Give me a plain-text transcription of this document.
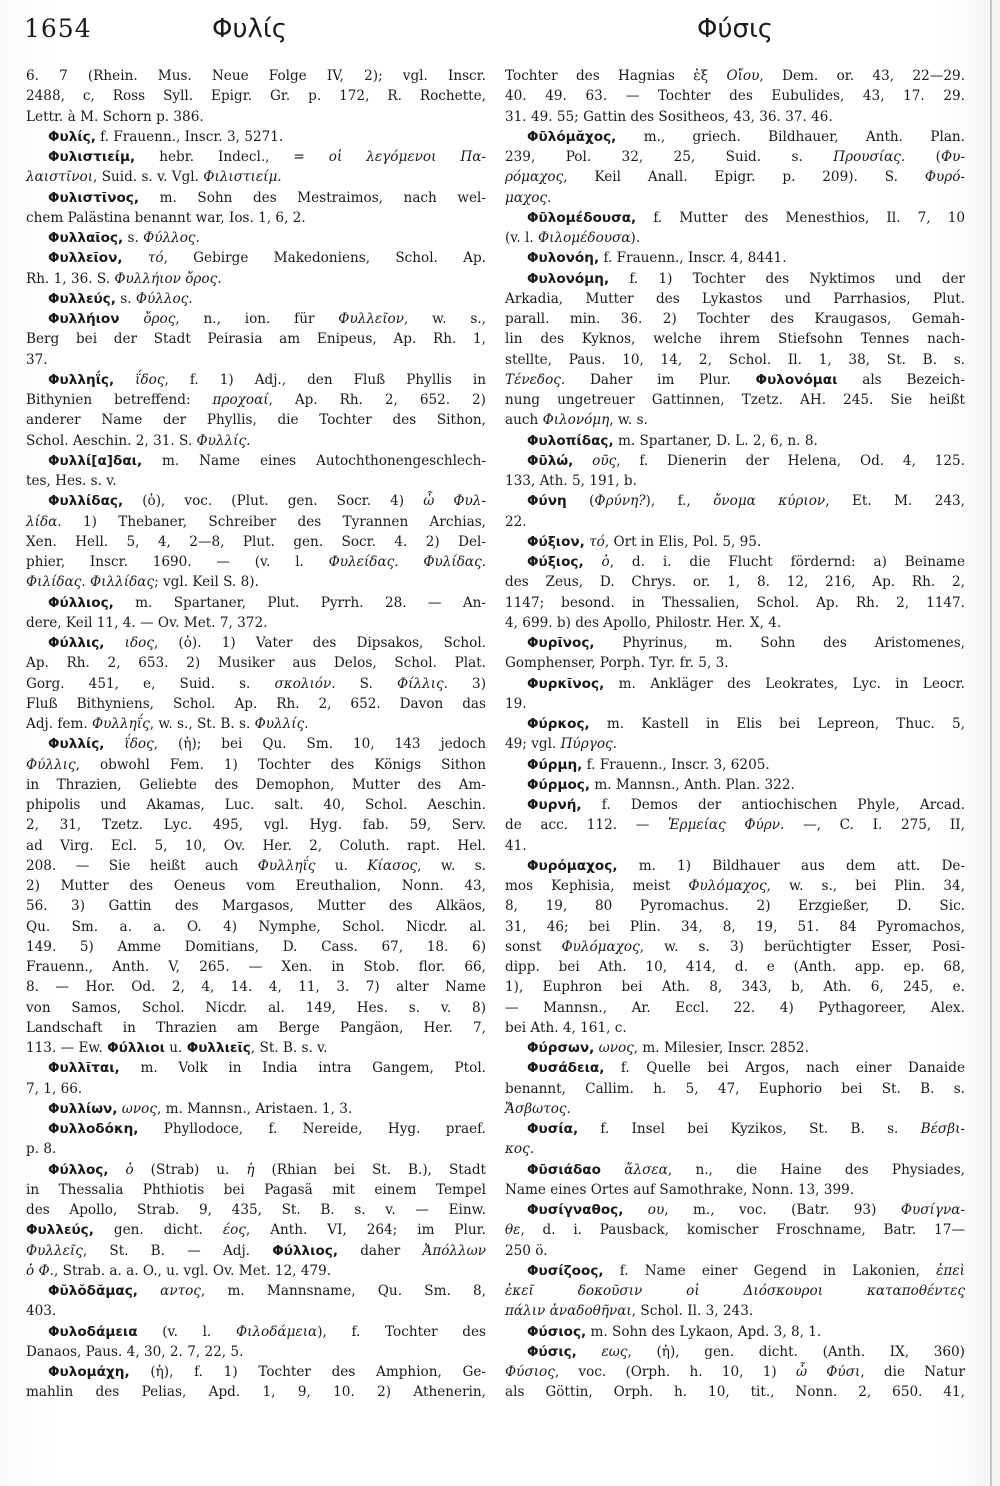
1654	Φυλίς	Φύσις
6. 7 (Rhein. Mus. Neue Folge IV, 2); vgl. Inscr.
2488, c, Ross Syll. Epigr. Gr. p. 172, R. Rochette,
Lettr. à M. Schorn p. 386.
Φυλίς, f. Frauenn., Inscr. 3, 5271.
Φυλιστιείμ, hebr. Indecl., = οἱ λεγόμενοι Πα-
λαιστῖνοι, Suid. s. v. Vgl. Φιλιστιείμ.
Φυλιστῖνος, m. Sohn des Mestraimos, nach wel-
chem Palästina benannt war, Ios. 1, 6, 2.
Φυλλαῖος, s. Φύλλος.
Φυλλεῖον, τό, Gebirge Makedoniens, Schol. Ap.
Rh. 1, 36. S. Φυλλήιον ὄρος.
Φυλλεύς, s. Φύλλος.
Φυλλήιον ὄρος, n., ion. für Φυλλεῖον, w. s.,
Berg bei der Stadt Peirasia am Enipeus, Ap. Rh. 1,
37.
Φυλληΐς, ΐδος, f. 1) Adj., den Fluß Phyllis in
Bithynien betreffend: προχοαί, Ap. Rh. 2, 652. 2)
anderer Name der Phyllis, die Tochter des Sithon,
Schol. Aeschin. 2, 31. S. Φυλλίς.
Φυλλί[α]δαι, m. Name eines Autochthonengeschlech-
tes, Hes. s. v.
Φυλλίδας, (ὁ), voc. (Plut. gen. Socr. 4) ὦ Φυλ-
λίδα. 1) Thebaner, Schreiber des Tyrannen Archias,
Xen. Hell. 5, 4, 2—8, Plut. gen. Socr. 4. 2) Del-
phier, Inscr. 1690. — (v. l. Φυλείδας. Φυλίδας.
Φιλίδας. Φιλλίδας; vgl. Keil S. 8).
Φύλλιος, m. Spartaner, Plut. Pyrrh. 28. — An-
dere, Keil 11, 4. — Ov. Met. 7, 372.
Φύλλις, ιδος, (ὁ). 1) Vater des Dipsakos, Schol.
Ap. Rh. 2, 653. 2) Musiker aus Delos, Schol. Plat.
Gorg. 451, e, Suid. s. σκολιόν. S. Φίλλις. 3)
Fluß Bithyniens, Schol. Ap. Rh. 2, 652. Davon das
Adj. fem. Φυλληΐς, w. s., St. B. s. Φυλλίς.
Φυλλίς, ΐδος, (ἡ); bei Qu. Sm. 10, 143 jedoch
Φύλλις, obwohl Fem. 1) Tochter des Königs Sithon
in Thrazien, Geliebte des Demophon, Mutter des Am-
phipolis und Akamas, Luc. salt. 40, Schol. Aeschin.
2, 31, Tzetz. Lyc. 495, vgl. Hyg. fab. 59, Serv.
ad Virg. Ecl. 5, 10, Ov. Her. 2, Coluth. rapt. Hel.
208. — Sie heißt auch Φυλληΐς u. Κίασος, w. s.
2) Mutter des Oeneus vom Ereuthalion, Nonn. 43,
56. 3) Gattin des Margasos, Mutter des Alkäos,
Qu. Sm. a. a. O. 4) Nymphe, Schol. Nicdr. al.
149. 5) Amme Domitians, D. Cass. 67, 18. 6)
Frauenn., Anth. V, 265. — Xen. in Stob. flor. 66,
8. — Hor. Od. 2, 4, 14. 4, 11, 3. 7) alter Name
von Samos, Schol. Nicdr. al. 149, Hes. s. v. 8)
Landschaft in Thrazien am Berge Pangäon, Her. 7,
113. — Ew. Φύλλιοι u. Φυλλιεῖς, St. B. s. v.
Φυλλῖται, m. Volk in India intra Gangem, Ptol.
7, 1, 66.
Φυλλίων, ωνος, m. Mannsn., Aristaen. 1, 3.
Φυλλοδόκη, Phyllodoce, f. Nereide, Hyg. praef.
p. 8.
Φύλλος, ὁ (Strab) u. ἡ (Rhian bei St. B.), Stadt
in Thessalia Phthiotis bei Pagasä mit einem Tempel
des Apollo, Strab. 9, 435, St. B. s. v. — Einw.
Φυλλεύς, gen. dicht. έος, Anth. VI, 264; im Plur.
Φυλλεῖς, St. B. — Adj. Φύλλιος, daher Ἀπόλλων
ὁ Φ., Strab. a. a. O., u. vgl. Ov. Met. 12, 479.
Φῠλŏδᾰμας, αντος, m. Mannsname, Qu. Sm. 8,
403.
Φυλοδάμεια (v. l. Φιλοδάμεια), f. Tochter des
Danaos, Paus. 4, 30, 2. 7, 22, 5.
Φυλομάχη, (ἡ), f. 1) Tochter des Amphion, Ge-
mahlin des Pelias, Apd. 1, 9, 10. 2) Athenerin,
Tochter des Hagnias ἐξ Οἴου, Dem. or. 43, 22—29.
40. 49. 63. — Tochter des Eubulides, 43, 17. 29.
31. 49. 55; Gattin des Sositheos, 43, 36. 37. 46.
Φῡλόμᾰχος, m., griech. Bildhauer, Anth. Plan.
239, Pol. 32, 25, Suid. s. Προυσίας. (Φυ-
ρόμαχος, Keil Anall. Epigr. p. 209). S. Φυρό-
μαχος.
Φῡλομέδουσα, f. Mutter des Menesthios, Il. 7, 10
(v. l. Φιλομέδουσα).
Φυλονόη, f. Frauenn., Inscr. 4, 8441.
Φυλονόμη, f. 1) Tochter des Nyktimos und der
Arkadia, Mutter des Lykastos und Parrhasios, Plut.
parall. min. 36. 2) Tochter des Kraugasos, Gemah-
lin des Kyknos, welche ihrem Stiefsohn Tennes nach-
stellte, Paus. 10, 14, 2, Schol. Il. 1, 38, St. B. s.
Τένεδος. Daher im Plur. Φυλονόμαι als Bezeich-
nung ungetreuer Gattinnen, Tzetz. AH. 245. Sie heißt
auch Φιλονόμη, w. s.
Φυλοπίδας, m. Spartaner, D. L. 2, 6, n. 8.
Φῡλώ, οῦς, f. Dienerin der Helena, Od. 4, 125.
133, Ath. 5, 191, b.
Φύνη (Φρύνη?), f., ὄνομα κύριον, Et. M. 243,
22.
Φύξιον, τό, Ort in Elis, Pol. 5, 95.
Φύξιος, ὁ, d. i. die Flucht fördernd: a) Beiname
des Zeus, D. Chrys. or. 1, 8. 12, 216, Ap. Rh. 2,
1147; besond. in Thessalien, Schol. Ap. Rh. 2, 1147.
4, 699. b) des Apollo, Philostr. Her. X, 4.
Φυρῖνος, Phyrinus, m. Sohn des Aristomenes,
Gomphenser, Porph. Tyr. fr. 5, 3.
Φυρκῖνος, m. Ankläger des Leokrates, Lyc. in Leocr.
19.
Φύρκος, m. Kastell in Elis bei Lepreon, Thuc. 5,
49; vgl. Πύργος.
Φύρμη, f. Frauenn., Inscr. 3, 6205.
Φύρμος, m. Mannsn., Anth. Plan. 322.
Φυρνή, f. Demos der antiochischen Phyle, Arcad.
de acc. 112. — Ἑρμείας Φύρν. —, C. I. 275, II,
41.
Φυρόμαχος, m. 1) Bildhauer aus dem att. De-
mos Kephisia, meist Φυλόμαχος, w. s., bei Plin. 34,
8, 19, 80 Pyromachus. 2) Erzgießer, D. Sic.
31, 46; bei Plin. 34, 8, 19, 51. 84 Pyromachos,
sonst Φυλόμαχος, w. s. 3) berüchtigter Esser, Posi-
dipp. bei Ath. 10, 414, d. e (Anth. app. ep. 68,
1), Euphron bei Ath. 8, 343, b, Ath. 6, 245, e.
— Mannsn., Ar. Eccl. 22. 4) Pythagoreer, Alex.
bei Ath. 4, 161, c.
Φύρσων, ωνος, m. Milesier, Inscr. 2852.
Φυσάδεια, f. Quelle bei Argos, nach einer Danaide
benannt, Callim. h. 5, 47, Euphorio bei St. B. s.
Ἄσβωτος.
Φυσία, f. Insel bei Kyzikos, St. B. s. Βέσβι-
κος.
Φῡσιάδαο ἄλσεα, n., die Haine des Physiades,
Name eines Ortes auf Samothrake, Nonn. 13, 399.
Φυσίγναθος, ου, m., voc. (Batr. 93) Φυσίγνα-
θε, d. i. Pausback, komischer Froschname, Batr. 17—
250 ö.
Φυσίζοος, f. Name einer Gegend in Lakonien, ἐπεὶ
ἐκεῖ δοκοῦσιν οἱ Διόσκουροι καταποθέντες
πάλιν ἀναδοθῆναι, Schol. Il. 3, 243.
Φύσιος, m. Sohn des Lykaon, Apd. 3, 8, 1.
Φύσις, εως, (ἡ), gen. dicht. (Anth. IX, 360)
Φύσιος, voc. (Orph. h. 10, 1) ὦ Φύσι, die Natur
als Göttin, Orph. h. 10, tit., Nonn. 2, 650. 41,
